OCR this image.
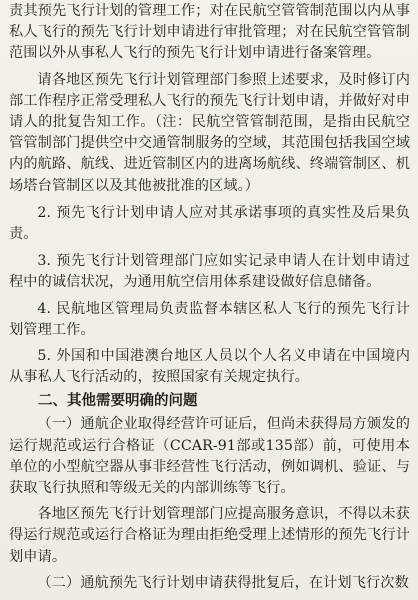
责其预先飞行计划的管理工作；对在民航空管管制范围以内从事私人飞行的预先飞行计划申请进行审批管理；对在民航空管管制范围以外从事私人飞行的预先飞行计划申请进行备案管理。

请各地区预先飞行计划管理部门参照上述要求，及时修订内部工作程序正常受理私人飞行的预先飞行计划申请，并做好对申请人的批复告知工作。（注：民航空管管制范围，是指由民航空管管制部门提供空中交通管制服务的空域，其范围包括我国空域内的航路、航线、进近管制区内的进离场航线、终端管制区、机场塔台管制区以及其他被批准的区域。）

2. 预先飞行计划申请人应对其承诺事项的真实性及后果负责。

3. 预先飞行计划管理部门应如实记录申请人在计划申请过程中的诚信状况，为通用航空信用体系建设做好信息储备。

4. 民航地区管理局负责监督本辖区私人飞行的预先飞行计划管理工作。

5. 外国和中国港澳台地区人员以个人名义申请在中国境内从事私人飞行活动的，按照国家有关规定执行。

二、其他需要明确的问题

（一）通航企业取得经营许可证后，但尚未获得局方颁发的运行规范或运行合格证（CCAR-91部或135部）前，可使用本单位的小型航空器从事非经营性飞行活动，例如调机、验证、与获取飞行执照和等级无关的内部训练等飞行。

各地区预先飞行计划管理部门应提高服务意识，不得以未获得运行规范或运行合格证为理由拒绝受理上述情形的预先飞行计划申请。

（二）通航预先飞行计划申请获得批复后，在计划飞行次数
